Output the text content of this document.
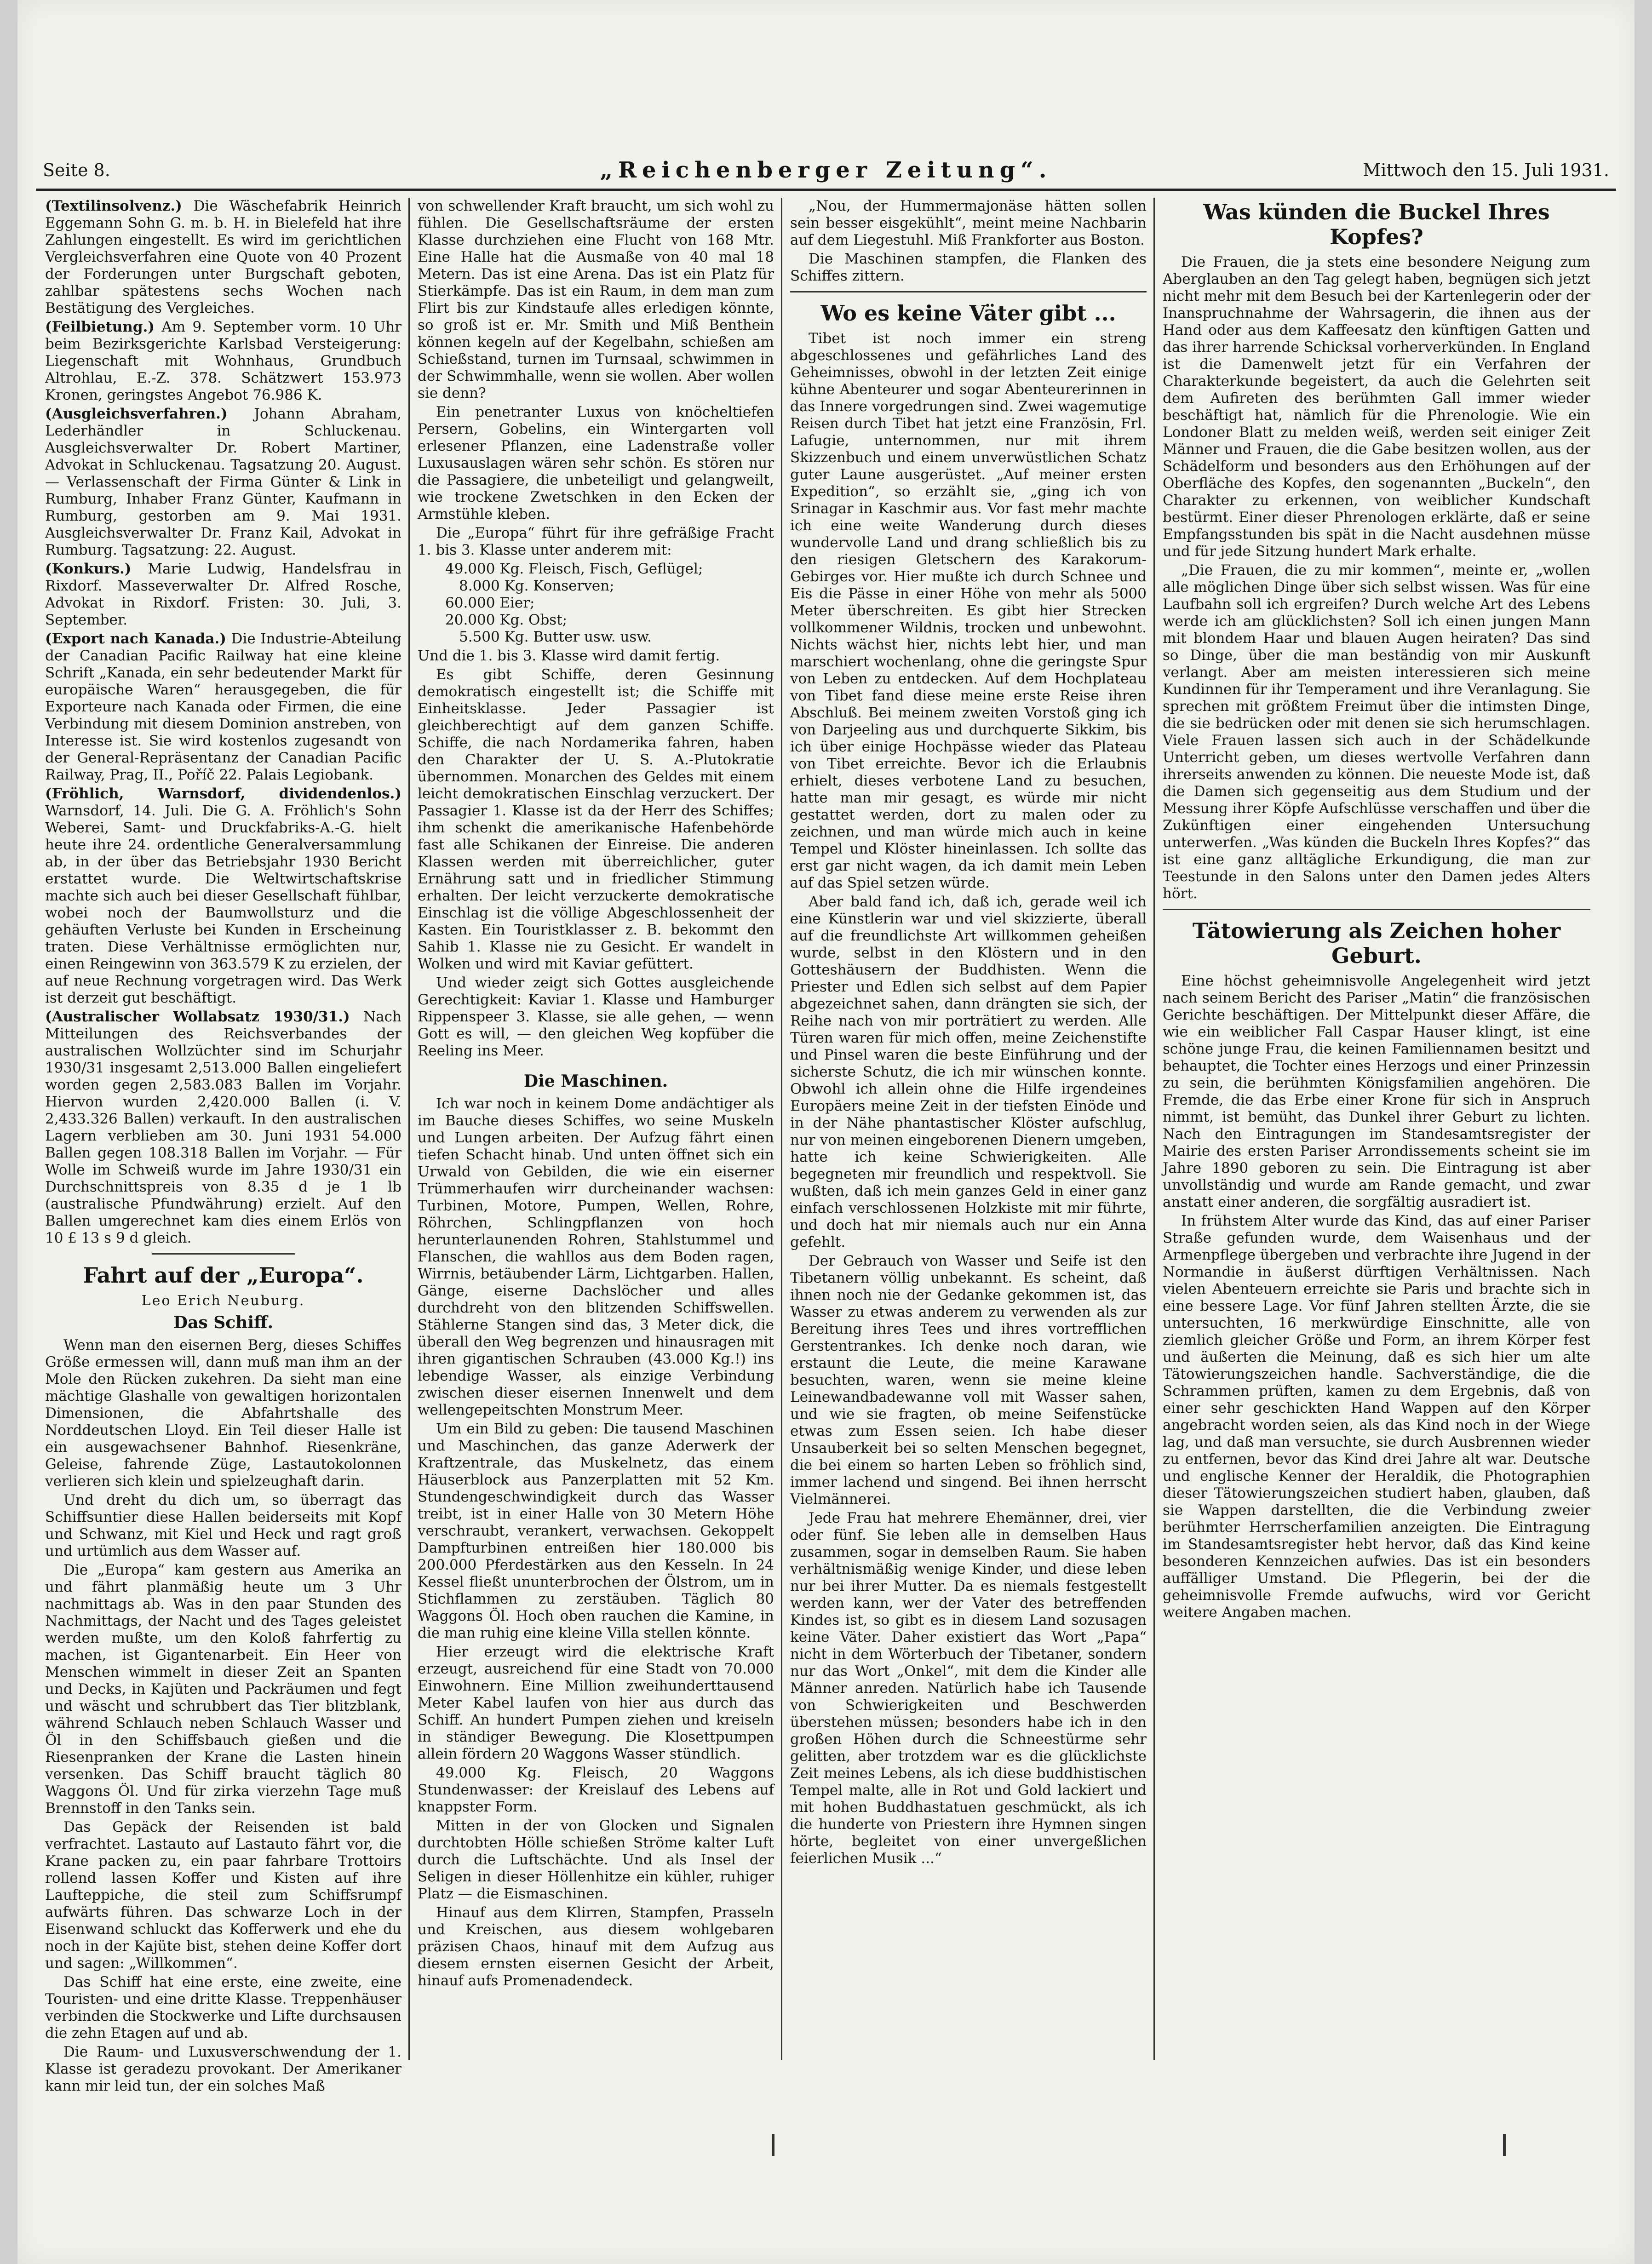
Seite 8.	„Reichenberger Zeitung“.	Mittwoch den 15. Juli 1931.
(Textilinsolvenz.) Die Wäschefabrik Heinrich Eggemann Sohn G. m. b. H. in Bielefeld hat ihre Zahlungen eingestellt. Es wird im gerichtlichen Vergleichsverfahren eine Quote von 40 Prozent der Forderungen unter Burgschaft geboten, zahlbar spätestens sechs Wochen nach Bestätigung des Vergleiches.
(Feilbietung.) Am 9. September vorm. 10 Uhr beim Bezirksgerichte Karlsbad Versteigerung: Liegenschaft mit Wohnhaus, Grundbuch Altrohlau, E.-Z. 378. Schätzwert 153.973 Kronen, geringstes Angebot 76.986 K.
(Ausgleichsverfahren.) Johann Abraham, Lederhändler in Schluckenau. Ausgleichsverwalter Dr. Robert Martiner, Advokat in Schluckenau. Tagsatzung 20. August. — Verlassenschaft der Firma Günter & Link in Rumburg, Inhaber Franz Günter, Kaufmann in Rumburg, gestorben am 9. Mai 1931. Ausgleichsverwalter Dr. Franz Kail, Advokat in Rumburg. Tagsatzung: 22. August.
(Konkurs.) Marie Ludwig, Handelsfrau in Rixdorf. Masseverwalter Dr. Alfred Rosche, Advokat in Rixdorf. Fristen: 30. Juli, 3. September.
(Export nach Kanada.) Die Industrie-Abteilung der Canadian Pacific Railway hat eine kleine Schrift „Kanada, ein sehr bedeutender Markt für europäische Waren“ herausgegeben, die für Exporteure nach Kanada oder Firmen, die eine Verbindung mit diesem Dominion anstreben, von Interesse ist. Sie wird kostenlos zugesandt von der General-Repräsentanz der Canadian Pacific Railway, Prag, II., Poříč 22. Palais Legiobank.
(Fröhlich, Warnsdorf, dividendenlos.) Warnsdorf, 14. Juli. Die G. A. Fröhlich's Sohn Weberei, Samt- und Druckfabriks-A.-G. hielt heute ihre 24. ordentliche Generalversammlung ab, in der über das Betriebsjahr 1930 Bericht erstattet wurde. Die Weltwirtschaftskrise machte sich auch bei dieser Gesellschaft fühlbar, wobei noch der Baumwollsturz und die gehäuften Verluste bei Kunden in Erscheinung traten. Diese Verhältnisse ermöglichten nur, einen Reingewinn von 363.579 K zu erzielen, der auf neue Rechnung vorgetragen wird. Das Werk ist derzeit gut beschäftigt.
(Australischer Wollabsatz 1930/31.) Nach Mitteilungen des Reichsverbandes der australischen Wollzüchter sind im Schurjahr 1930/31 insgesamt 2,513.000 Ballen eingeliefert worden gegen 2,583.083 Ballen im Vorjahr. Hiervon wurden 2,420.000 Ballen (i. V. 2,433.326 Ballen) verkauft. In den australischen Lagern verblieben am 30. Juni 1931 54.000 Ballen gegen 108.318 Ballen im Vorjahr. — Für Wolle im Schweiß wurde im Jahre 1930/31 ein Durchschnittspreis von 8.35 d je 1 lb (australische Pfundwährung) erzielt. Auf den Ballen umgerechnet kam dies einem Erlös von 10 £ 13 s 9 d gleich.
Fahrt auf der „Europa“.
Leo Erich Neuburg.
Das Schiff.

Wenn man den eisernen Berg, dieses Schiffes Größe ermessen will, dann muß man ihm an der Mole den Rücken zukehren. Da sieht man eine mächtige Glashalle von gewaltigen horizontalen Dimensionen, die Abfahrtshalle des Norddeutschen Lloyd. Ein Teil dieser Halle ist ein ausgewachsener Bahnhof. Riesenkräne, Geleise, fahrende Züge, Lastautokolonnen verlieren sich klein und spielzeughaft darin.

Und dreht du dich um, so überragt das Schiffsuntier diese Hallen beiderseits mit Kopf und Schwanz, mit Kiel und Heck und ragt groß und urtümlich aus dem Wasser auf.

Die „Europa“ kam gestern aus Amerika an und fährt planmäßig heute um 3 Uhr nachmittags ab. Was in den paar Stunden des Nachmittags, der Nacht und des Tages geleistet werden mußte, um den Koloß fahrfertig zu machen, ist Gigantenarbeit. Ein Heer von Menschen wimmelt in dieser Zeit an Spanten und Decks, in Kajüten und Packräumen und fegt und wäscht und schrubbert das Tier blitzblank, während Schlauch neben Schlauch Wasser und Öl in den Schiffsbauch gießen und die Riesenpranken der Krane die Lasten hinein versenken. Das Schiff braucht täglich 80 Waggons Öl. Und für zirka vierzehn Tage muß Brennstoff in den Tanks sein.

Das Gepäck der Reisenden ist bald verfrachtet. Lastauto auf Lastauto fährt vor, die Krane packen zu, ein paar fahrbare Trottoirs rollend lassen Koffer und Kisten auf ihre Laufteppiche, die steil zum Schiffsrumpf aufwärts führen. Das schwarze Loch in der Eisenwand schluckt das Kofferwerk und ehe du noch in der Kajüte bist, stehen deine Koffer dort und sagen: „Willkommen“.

Das Schiff hat eine erste, eine zweite, eine Touristen- und eine dritte Klasse. Treppenhäuser verbinden die Stockwerke und Lifte durchsausen die zehn Etagen auf und ab.

Die Raum- und Luxusverschwendung der 1. Klasse ist geradezu provokant. Der Amerikaner kann mir leid tun, der ein solches Maß

von schwellender Kraft braucht, um sich wohl zu fühlen. Die Gesellschaftsräume der ersten Klasse durchziehen eine Flucht von 168 Mtr. Eine Halle hat die Ausmaße von 40 mal 18 Metern. Das ist eine Arena. Das ist ein Platz für Stierkämpfe. Das ist ein Raum, in dem man zum Flirt bis zur Kindstaufe alles erledigen könnte, so groß ist er. Mr. Smith und Miß Benthein können kegeln auf der Kegelbahn, schießen am Schießstand, turnen im Turnsaal, schwimmen in der Schwimmhalle, wenn sie wollen. Aber wollen sie denn?

Ein penetranter Luxus von knöcheltiefen Persern, Gobelins, ein Wintergarten voll erlesener Pflanzen, eine Ladenstraße voller Luxusauslagen wären sehr schön. Es stören nur die Passagiere, die unbeteiligt und gelangweilt, wie trockene Zwetschken in den Ecken der Armstühle kleben.

Die „Europa“ führt für ihre gefräßige Fracht 1. bis 3. Klasse unter anderem mit:

49.000 Kg. Fleisch, Fisch, Geflügel;

8.000 Kg. Konserven;

60.000 Eier;

20.000 Kg. Obst;

5.500 Kg. Butter usw. usw.

Und die 1. bis 3. Klasse wird damit fertig.

Es gibt Schiffe, deren Gesinnung demokratisch eingestellt ist; die Schiffe mit Einheitsklasse. Jeder Passagier ist gleichberechtigt auf dem ganzen Schiffe. Schiffe, die nach Nordamerika fahren, haben den Charakter der U. S. A.-Plutokratie übernommen. Monarchen des Geldes mit einem leicht demokratischen Einschlag verzuckert. Der Passagier 1. Klasse ist da der Herr des Schiffes; ihm schenkt die amerikanische Hafenbehörde fast alle Schikanen der Einreise. Die anderen Klassen werden mit überreichlicher, guter Ernährung satt und in friedlicher Stimmung erhalten. Der leicht verzuckerte demokratische Einschlag ist die völlige Abgeschlossenheit der Kasten. Ein Touristklasser z. B. bekommt den Sahib 1. Klasse nie zu Gesicht. Er wandelt in Wolken und wird mit Kaviar gefüttert.

Und wieder zeigt sich Gottes ausgleichende Gerechtigkeit: Kaviar 1. Klasse und Hamburger Rippenspeer 3. Klasse, sie alle gehen, — wenn Gott es will, — den gleichen Weg kopfüber die Reeling ins Meer.

Die Maschinen.

Ich war noch in keinem Dome andächtiger als im Bauche dieses Schiffes, wo seine Muskeln und Lungen arbeiten. Der Aufzug fährt einen tiefen Schacht hinab. Und unten öffnet sich ein Urwald von Gebilden, die wie ein eiserner Trümmerhaufen wirr durcheinander wachsen: Turbinen, Motore, Pumpen, Wellen, Rohre, Röhrchen, Schlingpflanzen von hoch herunterlaunenden Rohren, Stahlstummel und Flanschen, die wahllos aus dem Boden ragen, Wirrnis, betäubender Lärm, Lichtgarben. Hallen, Gänge, eiserne Dachslöcher und alles durchdreht von den blitzenden Schiffswellen. Stählerne Stangen sind das, 3 Meter dick, die überall den Weg begrenzen und hinausragen mit ihren gigantischen Schrauben (43.000 Kg.!) ins lebendige Wasser, als einzige Verbindung zwischen dieser eisernen Innenwelt und dem wellengepeitschten Monstrum Meer.

Um ein Bild zu geben: Die tausend Maschinen und Maschinchen, das ganze Aderwerk der Kraftzentrale, das Muskelnetz, das einem Häuserblock aus Panzerplatten mit 52 Km. Stundengeschwindigkeit durch das Wasser treibt, ist in einer Halle von 30 Metern Höhe verschraubt, verankert, verwachsen. Gekoppelt Dampfturbinen entreißen hier 180.000 bis 200.000 Pferdestärken aus den Kesseln. In 24 Kessel fließt ununterbrochen der Ölstrom, um in Stichflammen zu zerstäuben. Täglich 80 Waggons Öl. Hoch oben rauchen die Kamine, in die man ruhig eine kleine Villa stellen könnte.

Hier erzeugt wird die elektrische Kraft erzeugt, ausreichend für eine Stadt von 70.000 Einwohnern. Eine Million zweihunderttausend Meter Kabel laufen von hier aus durch das Schiff. An hundert Pumpen ziehen und kreiseln in ständiger Bewegung. Die Klosettpumpen allein fördern 20 Waggons Wasser stündlich.

49.000 Kg. Fleisch, 20 Waggons Stundenwasser: der Kreislauf des Lebens auf knappster Form.

Mitten in der von Glocken und Signalen durchtobten Hölle schießen Ströme kalter Luft durch die Luftschächte. Und als Insel der Seligen in dieser Höllenhitze ein kühler, ruhiger Platz — die Eismaschinen.

Hinauf aus dem Klirren, Stampfen, Prasseln und Kreischen, aus diesem wohlgebaren präzisen Chaos, hinauf mit dem Aufzug aus diesem ernsten eisernen Gesicht der Arbeit, hinauf aufs Promenadendeck.

„Nou, der Hummermajonäse hätten sollen sein besser eisgekühlt“, meint meine Nachbarin auf dem Liegestuhl. Miß Frankforter aus Boston.

Die Maschinen stampfen, die Flanken des Schiffes zittern.

Wo es keine Väter gibt ...

Tibet ist noch immer ein streng abgeschlossenes und gefährliches Land des Geheimnisses, obwohl in der letzten Zeit einige kühne Abenteurer und sogar Abenteurerinnen in das Innere vorgedrungen sind. Zwei wagemutige Reisen durch Tibet hat jetzt eine Französin, Frl. Lafugie, unternommen, nur mit ihrem Skizzenbuch und einem unverwüstlichen Schatz guter Laune ausgerüstet. „Auf meiner ersten Expedition“, so erzählt sie, „ging ich von Srinagar in Kaschmir aus. Vor fast mehr machte ich eine weite Wanderung durch dieses wundervolle Land und drang schließlich bis zu den riesigen Gletschern des Karakorum-Gebirges vor. Hier mußte ich durch Schnee und Eis die Pässe in einer Höhe von mehr als 5000 Meter überschreiten. Es gibt hier Strecken vollkommener Wildnis, trocken und unbewohnt. Nichts wächst hier, nichts lebt hier, und man marschiert wochenlang, ohne die geringste Spur von Leben zu entdecken. Auf dem Hochplateau von Tibet fand diese meine erste Reise ihren Abschluß. Bei meinem zweiten Vorstoß ging ich von Darjeeling aus und durchquerte Sikkim, bis ich über einige Hochpässe wieder das Plateau von Tibet erreichte. Bevor ich die Erlaubnis erhielt, dieses verbotene Land zu besuchen, hatte man mir gesagt, es würde mir nicht gestattet werden, dort zu malen oder zu zeichnen, und man würde mich auch in keine Tempel und Klöster hineinlassen. Ich sollte das erst gar nicht wagen, da ich damit mein Leben auf das Spiel setzen würde.

Aber bald fand ich, daß ich, gerade weil ich eine Künstlerin war und viel skizzierte, überall auf die freundlichste Art willkommen geheißen wurde, selbst in den Klöstern und in den Gotteshäusern der Buddhisten. Wenn die Priester und Edlen sich selbst auf dem Papier abgezeichnet sahen, dann drängten sie sich, der Reihe nach von mir porträtiert zu werden. Alle Türen waren für mich offen, meine Zeichenstifte und Pinsel waren die beste Einführung und der sicherste Schutz, die ich mir wünschen konnte. Obwohl ich allein ohne die Hilfe irgendeines Europäers meine Zeit in der tiefsten Einöde und in der Nähe phantastischer Klöster aufschlug, nur von meinen eingeborenen Dienern umgeben, hatte ich keine Schwierigkeiten. Alle begegneten mir freundlich und respektvoll. Sie wußten, daß ich mein ganzes Geld in einer ganz einfach verschlossenen Holzkiste mit mir führte, und doch hat mir niemals auch nur ein Anna gefehlt.

Der Gebrauch von Wasser und Seife ist den Tibetanern völlig unbekannt. Es scheint, daß ihnen noch nie der Gedanke gekommen ist, das Wasser zu etwas anderem zu verwenden als zur Bereitung ihres Tees und ihres vortrefflichen Gerstentrankes. Ich denke noch daran, wie erstaunt die Leute, die meine Karawane besuchten, waren, wenn sie meine kleine Leinewandbadewanne voll mit Wasser sahen, und wie sie fragten, ob meine Seifenstücke etwas zum Essen seien. Ich habe dieser Unsauberkeit bei so selten Menschen begegnet, die bei einem so harten Leben so fröhlich sind, immer lachend und singend. Bei ihnen herrscht Vielmännerei.

Jede Frau hat mehrere Ehemänner, drei, vier oder fünf. Sie leben alle in demselben Haus zusammen, sogar in demselben Raum. Sie haben verhältnismäßig wenige Kinder, und diese leben nur bei ihrer Mutter. Da es niemals festgestellt werden kann, wer der Vater des betreffenden Kindes ist, so gibt es in diesem Land sozusagen keine Väter. Daher existiert das Wort „Papa“ nicht in dem Wörterbuch der Tibetaner, sondern nur das Wort „Onkel“, mit dem die Kinder alle Männer anreden. Natürlich habe ich Tausende von Schwierigkeiten und Beschwerden überstehen müssen; besonders habe ich in den großen Höhen durch die Schneestürme sehr gelitten, aber trotzdem war es die glücklichste Zeit meines Lebens, als ich diese buddhistischen Tempel malte, alle in Rot und Gold lackiert und mit hohen Buddhastatuen geschmückt, als ich die hunderte von Priestern ihre Hymnen singen hörte, begleitet von einer unvergeßlichen feierlichen Musik ...“

Was künden die Buckel Ihres Kopfes?

Die Frauen, die ja stets eine besondere Neigung zum Aberglauben an den Tag gelegt haben, begnügen sich jetzt nicht mehr mit dem Besuch bei der Kartenlegerin oder der Inanspruchnahme der Wahrsagerin, die ihnen aus der Hand oder aus dem Kaffeesatz den künftigen Gatten und das ihrer harrende Schicksal vorherverkünden. In England ist die Damenwelt jetzt für ein Verfahren der Charakterkunde begeistert, da auch die Gelehrten seit dem Aufireten des berühmten Gall immer wieder beschäftigt hat, nämlich für die Phrenologie. Wie ein Londoner Blatt zu melden weiß, werden seit einiger Zeit Männer und Frauen, die die Gabe besitzen wollen, aus der Schädelform und besonders aus den Erhöhungen auf der Oberfläche des Kopfes, den sogenannten „Buckeln“, den Charakter zu erkennen, von weiblicher Kundschaft bestürmt. Einer dieser Phrenologen erklärte, daß er seine Empfangsstunden bis spät in die Nacht ausdehnen müsse und für jede Sitzung hundert Mark erhalte.

„Die Frauen, die zu mir kommen“, meinte er, „wollen alle möglichen Dinge über sich selbst wissen. Was für eine Laufbahn soll ich ergreifen? Durch welche Art des Lebens werde ich am glücklichsten? Soll ich einen jungen Mann mit blondem Haar und blauen Augen heiraten? Das sind so Dinge, über die man beständig von mir Auskunft verlangt. Aber am meisten interessieren sich meine Kundinnen für ihr Temperament und ihre Veranlagung. Sie sprechen mit größtem Freimut über die intimsten Dinge, die sie bedrücken oder mit denen sie sich herumschlagen. Viele Frauen lassen sich auch in der Schädelkunde Unterricht geben, um dieses wertvolle Verfahren dann ihrerseits anwenden zu können. Die neueste Mode ist, daß die Damen sich gegenseitig aus dem Studium und der Messung ihrer Köpfe Aufschlüsse verschaffen und über die Zukünftigen einer eingehenden Untersuchung unterwerfen. „Was künden die Buckeln Ihres Kopfes?“ das ist eine ganz alltägliche Erkundigung, die man zur Teestunde in den Salons unter den Damen jedes Alters hört.

Tätowierung als Zeichen hoher Geburt.

Eine höchst geheimnisvolle Angelegenheit wird jetzt nach seinem Bericht des Pariser „Matin“ die französischen Gerichte beschäftigen. Der Mittelpunkt dieser Affäre, die wie ein weiblicher Fall Caspar Hauser klingt, ist eine schöne junge Frau, die keinen Familiennamen besitzt und behauptet, die Tochter eines Herzogs und einer Prinzessin zu sein, die berühmten Königsfamilien angehören. Die Fremde, die das Erbe einer Krone für sich in Anspruch nimmt, ist bemüht, das Dunkel ihrer Geburt zu lichten. Nach den Eintragungen im Standesamtsregister der Mairie des ersten Pariser Arrondissements scheint sie im Jahre 1890 geboren zu sein. Die Eintragung ist aber unvollständig und wurde am Rande gemacht, und zwar anstatt einer anderen, die sorgfältig ausradiert ist.

In frühstem Alter wurde das Kind, das auf einer Pariser Straße gefunden wurde, dem Waisenhaus und der Armenpflege übergeben und verbrachte ihre Jugend in der Normandie in äußerst dürftigen Verhältnissen. Nach vielen Abenteuern erreichte sie Paris und brachte sich in eine bessere Lage. Vor fünf Jahren stellten Ärzte, die sie untersuchten, 16 merkwürdige Einschnitte, alle von ziemlich gleicher Größe und Form, an ihrem Körper fest und äußerten die Meinung, daß es sich hier um alte Tätowierungszeichen handle. Sachverständige, die die Schrammen prüften, kamen zu dem Ergebnis, daß von einer sehr geschickten Hand Wappen auf den Körper angebracht worden seien, als das Kind noch in der Wiege lag, und daß man versuchte, sie durch Ausbrennen wieder zu entfernen, bevor das Kind drei Jahre alt war. Deutsche und englische Kenner der Heraldik, die Photographien dieser Tätowierungszeichen studiert haben, glauben, daß sie Wappen darstellten, die die Verbindung zweier berühmter Herrscherfamilien anzeigten. Die Eintragung im Standesamtsregister hebt hervor, daß das Kind keine besonderen Kennzeichen aufwies. Das ist ein besonders auffälliger Umstand. Die Pflegerin, bei der die geheimnisvolle Fremde aufwuchs, wird vor Gericht weitere Angaben machen.
